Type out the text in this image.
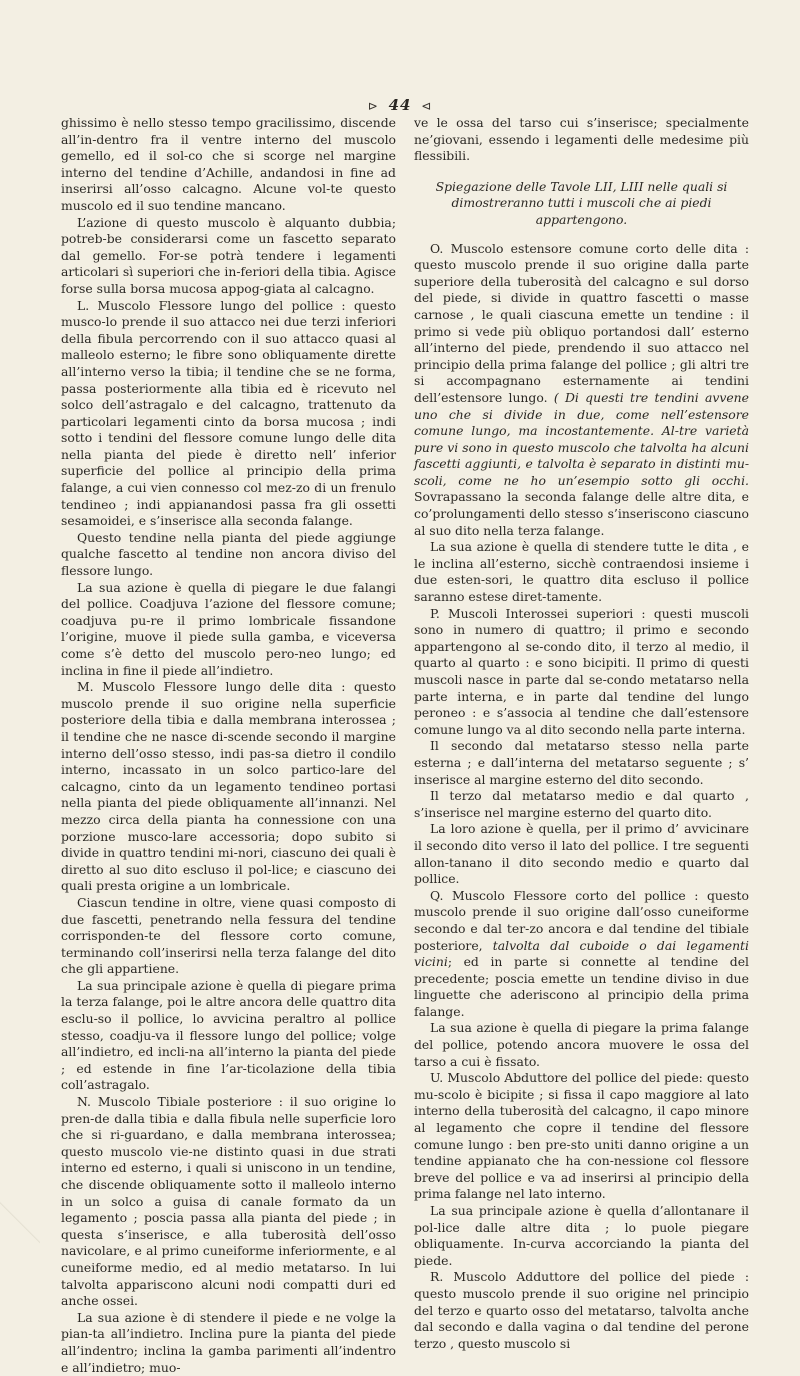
⊳ 44 ⊲

ghissimo è nello stesso tempo gracilissimo, discende all’in-dentro fra il ventre interno del muscolo gemello, ed il sol-co che si scorge nel margine interno del tendine d’Achille, andandosi in fine ad inserirsi all’osso calcagno. Alcune vol-te questo muscolo ed il suo tendine mancano.

L’azione di questo muscolo è alquanto dubbia; potreb-be considerarsi come un fascetto separato dal gemello. For-se potrà tendere i legamenti articolari sì superiori che in-feriori della tibia. Agisce forse sulla borsa mucosa appog-giata al calcagno.

L. Muscolo Flessore lungo del pollice : questo musco-lo prende il suo attacco nei due terzi inferiori della fibula percorrendo con il suo attacco quasi al malleolo esterno; le fibre sono obliquamente dirette all’interno verso la tibia; il tendine che se ne forma, passa posteriormente alla tibia ed è ricevuto nel solco dell’astragalo e del calcagno, trattenuto da particolari legamenti cinto da borsa mucosa ; indi sotto i tendini del flessore comune lungo delle dita nella pianta del piede è diretto nell’ inferior superficie del pollice al principio della prima falange, a cui vien connesso col mez-zo di un frenulo tendineo ; indi appianandosi passa fra gli ossetti sesamoidei, e s’inserisce alla seconda falange.

Questo tendine nella pianta del piede aggiunge qualche fascetto al tendine non ancora diviso del flessore lungo.

La sua azione è quella di piegare le due falangi del pollice. Coadjuva l’azione del flessore comune; coadjuva pu-re il primo lombricale fissandone l’origine, muove il piede sulla gamba, e viceversa come s’è detto del muscolo pero-neo lungo; ed inclina in fine il piede all’indietro.

M. Muscolo Flessore lungo delle dita : questo muscolo prende il suo origine nella superficie posteriore della tibia e dalla membrana interossea ; il tendine che ne nasce di-scende secondo il margine interno dell’osso stesso, indi pas-sa dietro il condilo interno, incassato in un solco partico-lare del calcagno, cinto da un legamento tendineo portasi nella pianta del piede obliquamente all’innanzi. Nel mezzo circa della pianta ha connessione con una porzione musco-lare accessoria; dopo subito si divide in quattro tendini mi-nori, ciascuno dei quali è diretto al suo dito escluso il pol-lice; e ciascuno dei quali presta origine a un lombricale.

Ciascun tendine in oltre, viene quasi composto di due fascetti, penetrando nella fessura del tendine corrisponden-te del flessore corto comune, terminando coll’inserirsi nella terza falange del dito che gli appartiene.

La sua principale azione è quella di piegare prima la terza falange, poi le altre ancora delle quattro dita esclu-so il pollice, lo avvicina peraltro al pollice stesso, coadju-va il flessore lungo del pollice; volge all’indietro, ed incli-na all’interno la pianta del piede ; ed estende in fine l’ar-ticolazione della tibia coll’astragalo.

N. Muscolo Tibiale posteriore : il suo origine lo pren-de dalla tibia e dalla fibula nelle superficie loro che si ri-guardano, e dalla membrana interossea; questo muscolo vie-ne distinto quasi in due strati interno ed esterno, i quali si uniscono in un tendine, che discende obliquamente sotto il malleolo interno in un solco a guisa di canale formato da un legamento ; poscia passa alla pianta del piede ; in questa s’inserisce, e alla tuberosità dell’osso navicolare, e al primo cuneiforme inferiormente, e al cuneiforme medio, ed al medio metatarso. In lui talvolta appariscono alcuni nodi compatti duri ed anche ossei.

La sua azione è di stendere il piede e ne volge la pian-ta all’indietro. Inclina pure la pianta del piede all’indentro; inclina la gamba parimenti all’indentro e all’indietro; muo-

ve le ossa del tarso cui s’inserisce; specialmente ne’giovani, essendo i legamenti delle medesime più flessibili.

Spiegazione delle Tavole LII, LIII nelle quali si dimostreranno tutti i muscoli che ai piedi appartengono.

O. Muscolo estensore comune corto delle dita : questo muscolo prende il suo origine dalla parte superiore della tuberosità del calcagno e sul dorso del piede, si divide in quattro fascetti o masse carnose , le quali ciascuna emette un tendine : il primo si vede più obliquo portandosi dall’ esterno all’interno del piede, prendendo il suo attacco nel principio della prima falange del pollice ; gli altri tre si accompagnano esternamente ai tendini dell’estensore lungo. ( Di questi tre tendini avvene uno che si divide in due, come nell’estensore comune lungo, ma incostantemente. Al-tre varietà pure vi sono in questo muscolo che talvolta ha alcuni fascetti aggiunti, e talvolta è separato in distinti mu-scoli, come ne ho un’esempio sotto gli occhi. Sovrapassano la seconda falange delle altre dita, e co’prolungamenti dello stesso s’inseriscono ciascuno al suo dito nella terza falange.

La sua azione è quella di stendere tutte le dita , e le inclina all’esterno, sicchè contraendosi insieme i due esten-sori, le quattro dita escluso il pollice saranno estese diret-tamente.

P. Muscoli Interossei superiori : questi muscoli sono in numero di quattro; il primo e secondo appartengono al se-condo dito, il terzo al medio, il quarto al quarto : e sono bicipiti. Il primo di questi muscoli nasce in parte dal se-condo metatarso nella parte interna, e in parte dal tendine del lungo peroneo : e s’associa al tendine che dall’estensore comune lungo va al dito secondo nella parte interna.

Il secondo dal metatarso stesso nella parte esterna ; e dall’interna del metatarso seguente ; s’ inserisce al margine esterno del dito secondo.

Il terzo dal metatarso medio e dal quarto , s’inserisce nel margine esterno del quarto dito.

La loro azione è quella, per il primo d’ avvicinare il secondo dito verso il lato del pollice. I tre seguenti allon-tanano il dito secondo medio e quarto dal pollice.

Q. Muscolo Flessore corto del pollice : questo muscolo prende il suo origine dall’osso cuneiforme secondo e dal ter-zo ancora e dal tendine del tibiale posteriore, talvolta dal cuboide o dai legamenti vicini; ed in parte si connette al tendine del precedente; poscia emette un tendine diviso in due linguette che aderiscono al principio della prima falange.

La sua azione è quella di piegare la prima falange del pollice, potendo ancora muovere le ossa del tarso a cui è fissato.

U. Muscolo Abduttore del pollice del piede: questo mu-scolo è bicipite ; si fissa il capo maggiore al lato interno della tuberosità del calcagno, il capo minore al legamento che copre il tendine del flessore comune lungo : ben pre-sto uniti danno origine a un tendine appianato che ha con-nessione col flessore breve del pollice e va ad inserirsi al principio della prima falange nel lato interno.

La sua principale azione è quella d’allontanare il pol-lice dalle altre dita ; lo puole piegare obliquamente. In-curva accorciando la pianta del piede.

R. Muscolo Adduttore del pollice del piede : questo muscolo prende il suo origine nel principio del terzo e quarto osso del metatarso, talvolta anche dal secondo e dalla vagina o dal tendine del perone terzo , questo muscolo si
